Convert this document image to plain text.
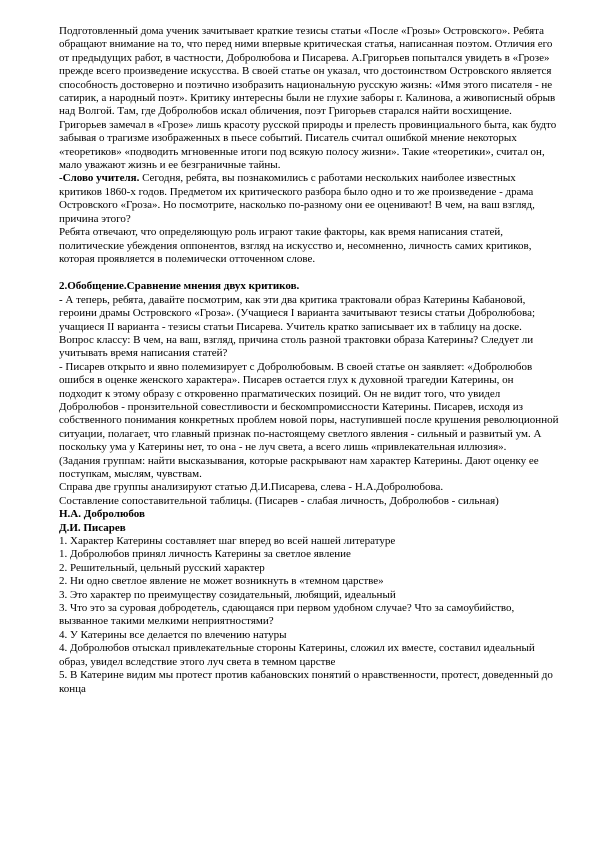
Подготовленный дома ученик зачитывает краткие тезисы статьи «После «Грозы» Островского». Ребята обращают внимание на то, что перед ними впервые критическая статья, написанная поэтом. Отличия его от предыдущих работ, в частности, Добролюбова и Писарева. А.Григорьев попытался увидеть в «Грозе» прежде всего произведение искусства. В своей статье он указал, что достоинством Островского является способность достоверно и поэтично изобразить национальную русскую жизнь: «Имя этого писателя - не сатирик, а народный поэт». Критику интересны были не глухие заборы г. Калинова, а живописный обрыв над Волгой. Там, где Добролюбов искал обличения, поэт Григорьев старался найти восхищение. Григорьев замечал в «Грозе» лишь красоту русской природы и прелесть провинциального быта, как будто забывая о трагизме изображенных в пьесе событий. Писатель считал ошибкой мнение некоторых «теоретиков» «подводить мгновенные итоги под всякую полосу жизни». Такие «теоретики», считал он, мало уважают жизнь и ее безграничные тайны.

-Слово учителя. Сегодня, ребята, вы познакомились с работами нескольких наиболее известных критиков 1860-х годов. Предметом их критического разбора было одно и то же произведение - драма Островского «Гроза». Но посмотрите, насколько по-разному они ее оценивают! В чем, на ваш взгляд, причина этого?

Ребята отвечают, что определяющую роль играют такие факторы, как время написания статей, политические убеждения оппонентов, взгляд на искусство и, несомненно, личность самих критиков, которая проявляется в полемически отточенном слове.

2.Обобщение.Сравнение мнения двух критиков.

- А теперь, ребята, давайте посмотрим, как эти два критика трактовали образ Катерины Кабановой, героини драмы Островского «Гроза». (Учащиеся I варианта зачитывают тезисы статьи Добролюбова; учащиеся II варианта - тезисы статьи Писарева. Учитель кратко записывает их в таблицу на доске. Вопрос классу: В чем, на ваш, взгляд, причина столь разной трактовки образа Катерины? Следует ли учитывать время написания статей?

- Писарев открыто и явно полемизирует с Добролюбовым. В своей статье он заявляет: «Добролюбов ошибся в оценке женского характера». Писарев остается глух к духовной трагедии Катерины, он подходит к этому образу с откровенно прагматических позиций. Он не видит того, что увидел Добролюбов - пронзительной совестливости и бескомпромиссности Катерины. Писарев, исходя из собственного понимания конкретных проблем новой поры, наступившей после крушения революционной ситуации, полагает, что главный признак по-настоящему светлого явления - сильный и развитый ум. А поскольку ума у Катерины нет, то она - не луч света, а всего лишь «привлекательная иллюзия».

(Задания группам: найти высказывания, которые раскрывают нам характер Катерины. Дают оценку ее поступкам, мыслям, чувствам.

Справа две группы анализируют статью Д.И.Писарева, слева - Н.А.Добролюбова.

Составление сопоставительной таблицы. (Писарев - слабая личность, Добролюбов - сильная)

Н.А. Добролюбов

Д.И. Писарев

1. Характер Катерины составляет шаг вперед во всей нашей литературе

1. Добролюбов принял личность Катерины за светлое явление

2. Решительный, цельный русский характер

2. Ни одно светлое явление не может возникнуть в «темном царстве»

3. Это характер по преимуществу созидательный, любящий, идеальный

3. Что это за суровая добродетель, сдающаяся при первом удобном случае? Что за самоубийство, вызванное такими мелкими неприятностями?

4. У Катерины все делается по влечению натуры

4. Добролюбов отыскал привлекательные стороны Катерины, сложил их вместе, составил идеальный образ, увидел вследствие этого луч света в темном царстве

5. В Катерине видим мы протест против кабановских понятий о нравственности, протест, доведенный до конца
